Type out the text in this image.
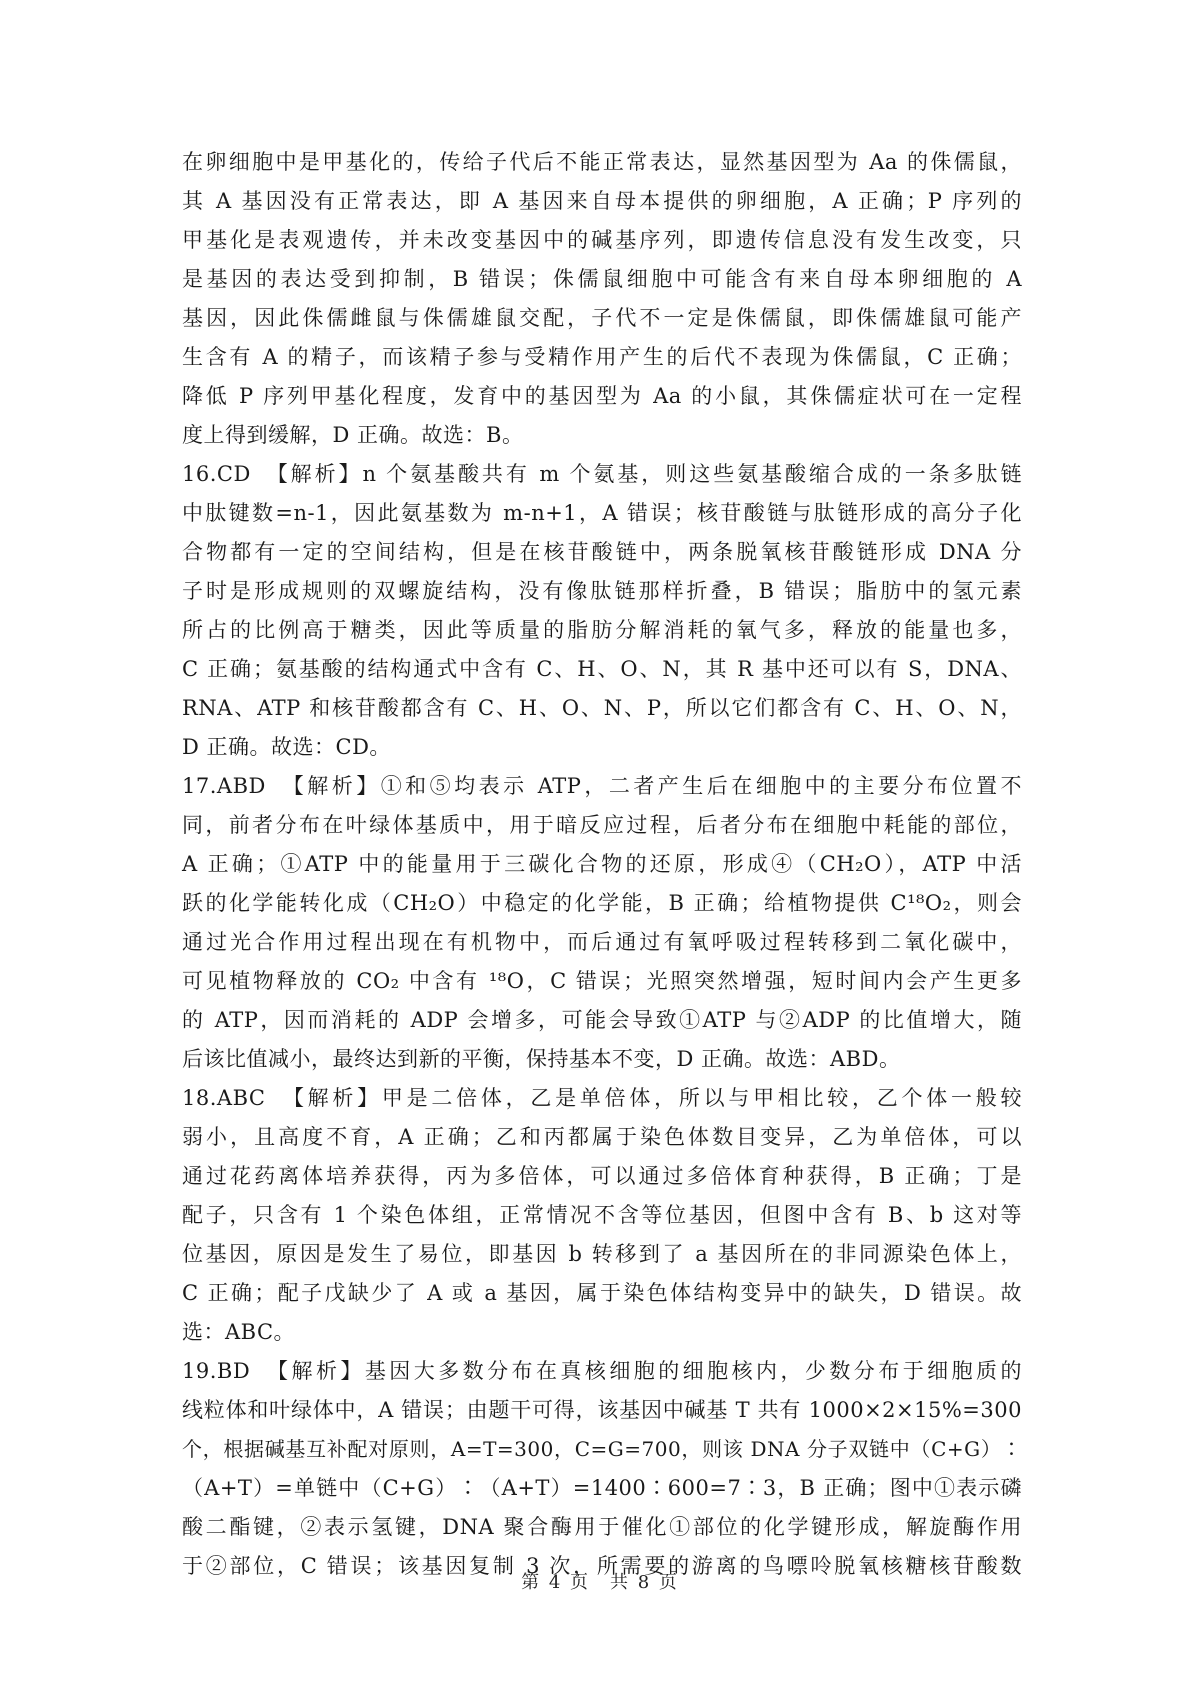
在卵细胞中是甲基化的，传给子代后不能正常表达，显然基因型为 Aa 的侏儒鼠，
其 A 基因没有正常表达，即 A 基因来自母本提供的卵细胞，A 正确；P 序列的
甲基化是表观遗传，并未改变基因中的碱基序列，即遗传信息没有发生改变，只
是基因的表达受到抑制，B 错误；侏儒鼠细胞中可能含有来自母本卵细胞的 A
基因，因此侏儒雌鼠与侏儒雄鼠交配，子代不一定是侏儒鼠，即侏儒雄鼠可能产
生含有 A 的精子，而该精子参与受精作用产生的后代不表现为侏儒鼠，C 正确；
降低 P 序列甲基化程度，发育中的基因型为 Aa 的小鼠，其侏儒症状可在一定程
度上得到缓解，D 正确。故选：B。
16.CD　【解析】n 个氨基酸共有 m 个氨基，则这些氨基酸缩合成的一条多肽链
中肽键数=n-1，因此氨基数为 m-n+1，A 错误；核苷酸链与肽链形成的高分子化
合物都有一定的空间结构，但是在核苷酸链中，两条脱氧核苷酸链形成 DNA 分
子时是形成规则的双螺旋结构，没有像肽链那样折叠，B 错误；脂肪中的氢元素
所占的比例高于糖类，因此等质量的脂肪分解消耗的氧气多，释放的能量也多，
C 正确；氨基酸的结构通式中含有 C、H、O、N，其 R 基中还可以有 S，DNA、
RNA、ATP 和核苷酸都含有 C、H、O、N、P，所以它们都含有 C、H、O、N，
D 正确。故选：CD。
17.ABD　【解析】①和⑤均表示 ATP，二者产生后在细胞中的主要分布位置不
同，前者分布在叶绿体基质中，用于暗反应过程，后者分布在细胞中耗能的部位，
A 正确；①ATP 中的能量用于三碳化合物的还原，形成④（CH₂O），ATP 中活
跃的化学能转化成（CH₂O）中稳定的化学能，B 正确；给植物提供 C¹⁸O₂，则会
通过光合作用过程出现在有机物中，而后通过有氧呼吸过程转移到二氧化碳中，
可见植物释放的 CO₂ 中含有 ¹⁸O，C 错误；光照突然增强，短时间内会产生更多
的 ATP，因而消耗的 ADP 会增多，可能会导致①ATP 与②ADP 的比值增大，随
后该比值减小，最终达到新的平衡，保持基本不变，D 正确。故选：ABD。
18.ABC　【解析】甲是二倍体，乙是单倍体，所以与甲相比较，乙个体一般较
弱小，且高度不育，A 正确；乙和丙都属于染色体数目变异，乙为单倍体，可以
通过花药离体培养获得，丙为多倍体，可以通过多倍体育种获得，B 正确；丁是
配子，只含有 1 个染色体组，正常情况不含等位基因，但图中含有 B、b 这对等
位基因，原因是发生了易位，即基因 b 转移到了 a 基因所在的非同源染色体上，
C 正确；配子戊缺少了 A 或 a 基因，属于染色体结构变异中的缺失，D 错误。故
选：ABC。
19.BD　【解析】基因大多数分布在真核细胞的细胞核内，少数分布于细胞质的
线粒体和叶绿体中，A 错误；由题干可得，该基因中碱基 T 共有 1000×2×15%=300
个，根据碱基互补配对原则，A=T=300，C=G=700，则该 DNA 分子双链中（C+G）∶
（A+T）=单链中（C+G）∶（A+T）=1400∶600=7∶3，B 正确；图中①表示磷
酸二酯键，②表示氢键，DNA 聚合酶用于催化①部位的化学键形成，解旋酶作用
于②部位，C 错误；该基因复制 3 次，所需要的游离的鸟嘌呤脱氧核糖核苷酸数
第 4 页　共 8 页
